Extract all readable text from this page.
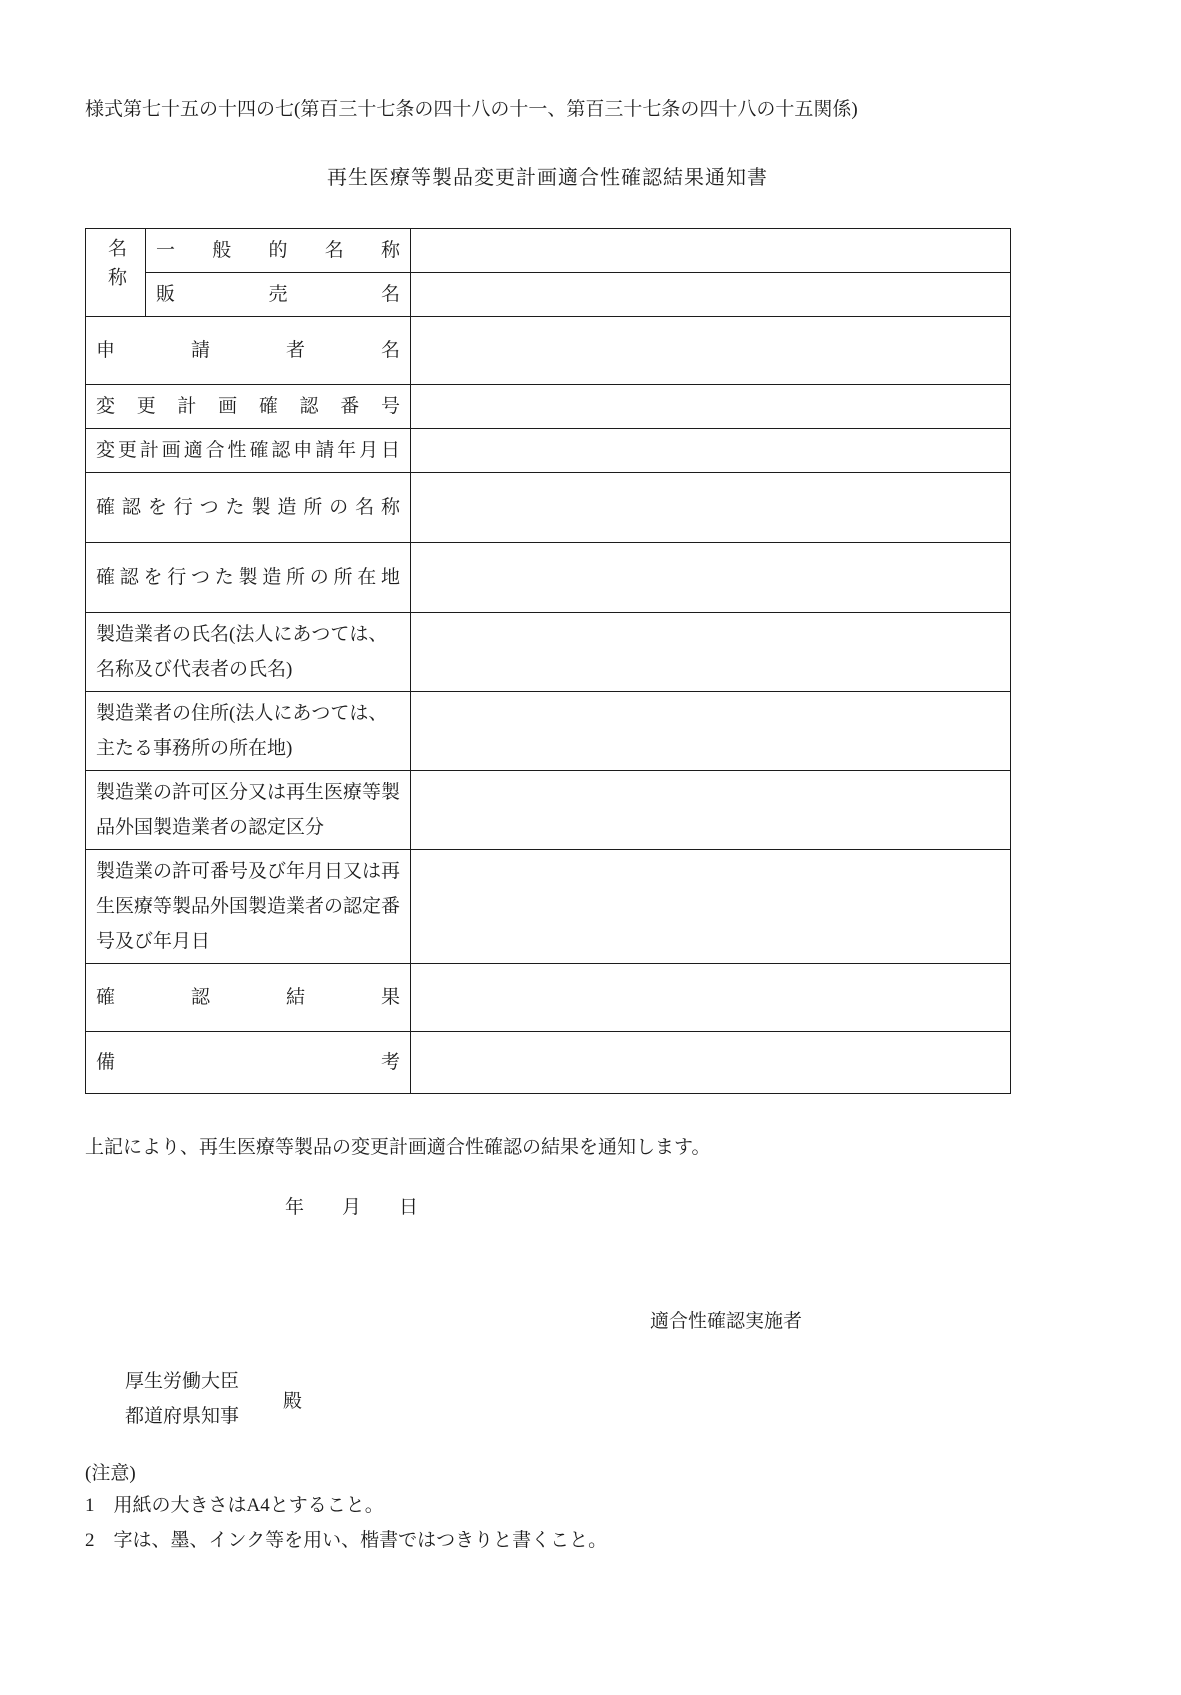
様式第七十五の十四の七(第百三十七条の四十八の十一、第百三十七条の四十八の十五関係)
再生医療等製品変更計画適合性確認結果通知書
名称	一般的名称	
	販売名	
申請者名		
変更計画確認番号		
変更計画適合性確認申請年月日		
確認を行つた製造所の名称		
確認を行つた製造所の所在地		
製造業者の氏名(法人にあつては、名称及び代表者の氏名)		
製造業者の住所(法人にあつては、主たる事務所の所在地)		
製造業の許可区分又は再生医療等製品外国製造業者の認定区分		
製造業の許可番号及び年月日又は再生医療等製品外国製造業者の認定番号及び年月日		
確認結果		
備考		
上記により、再生医療等製品の変更計画適合性確認の結果を通知します。
年　　月　　日
適合性確認実施者
厚生労働大臣
都道府県知事
殿
(注意)
1　用紙の大きさはA4とすること。
2　字は、墨、インク等を用い、楷書ではつきりと書くこと。
